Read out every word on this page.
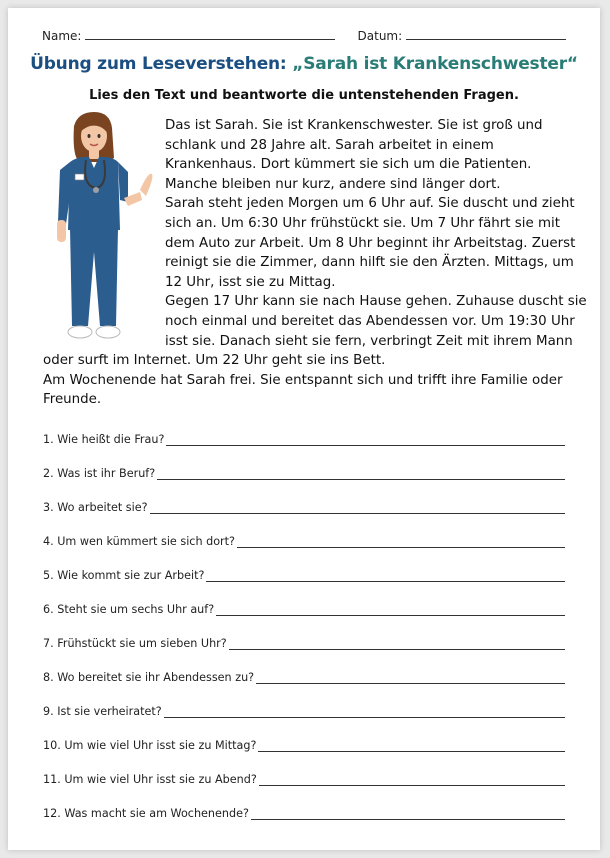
Name:	Datum:
Übung zum Leseverstehen: „Sarah ist Krankenschwester“
Lies den Text und beantworte die untenstehenden Fragen.
Das ist Sarah. Sie ist Krankenschwester. Sie ist groß und
schlank und 28 Jahre alt. Sarah arbeitet in einem
Krankenhaus. Dort kümmert sie sich um die Patienten.
Manche bleiben nur kurz, andere sind länger dort.
Sarah steht jeden Morgen um 6 Uhr auf. Sie duscht und zieht
sich an. Um 6:30 Uhr frühstückt sie. Um 7 Uhr fährt sie mit
dem Auto zur Arbeit. Um 8 Uhr beginnt ihr Arbeitstag. Zuerst
reinigt sie die Zimmer, dann hilft sie den Ärzten. Mittags, um
12 Uhr, isst sie zu Mittag.
Gegen 17 Uhr kann sie nach Hause gehen. Zuhause duscht sie
noch einmal und bereitet das Abendessen vor. Um 19:30 Uhr
isst sie. Danach sieht sie fern, verbringt Zeit mit ihrem Mann
oder surft im Internet. Um 22 Uhr geht sie ins Bett.
Am Wochenende hat Sarah frei. Sie entspannt sich und trifft ihre Familie oder
Freunde.
1. Wie heißt die Frau?
2. Was ist ihr Beruf?
3. Wo arbeitet sie?
4. Um wen kümmert sie sich dort?
5. Wie kommt sie zur Arbeit?
6. Steht sie um sechs Uhr auf?
7. Frühstückt sie um sieben Uhr?
8. Wo bereitet sie ihr Abendessen zu?
9. Ist sie verheiratet?
10. Um wie viel Uhr isst sie zu Mittag?
11. Um wie viel Uhr isst sie zu Abend?
12. Was macht sie am Wochenende?
